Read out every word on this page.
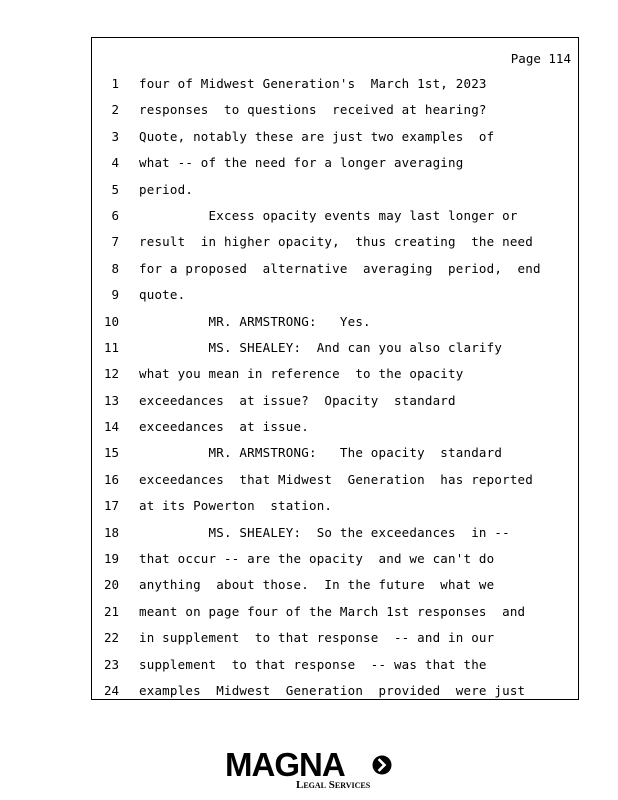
Page 114
1 four of Midwest Generation's  March 1st, 2023
2 responses  to questions  received at hearing?
3 Quote, notably these are just two examples  of
4 what -- of the need for a longer averaging
5 period.
6 Excess opacity events may last longer or
7 result  in higher opacity,  thus creating  the need
8 for a proposed  alternative  averaging  period,  end
9 quote.
10 MR. ARMSTRONG:   Yes.
11 MS. SHEALEY:  And can you also clarify
12 what you mean in reference  to the opacity
13 exceedances  at issue?  Opacity  standard
14 exceedances  at issue.
15 MR. ARMSTRONG:   The opacity  standard
16 exceedances  that Midwest  Generation  has reported
17 at its Powerton  station.
18 MS. SHEALEY:  So the exceedances  in --
19 that occur -- are the opacity  and we can't do
20 anything  about those.  In the future  what we
21 meant on page four of the March 1st responses  and
22 in supplement  to that response  -- and in our
23 supplement  to that response  -- was that the
24 examples  Midwest  Generation  provided  were just
MAGNA
Legal Services
